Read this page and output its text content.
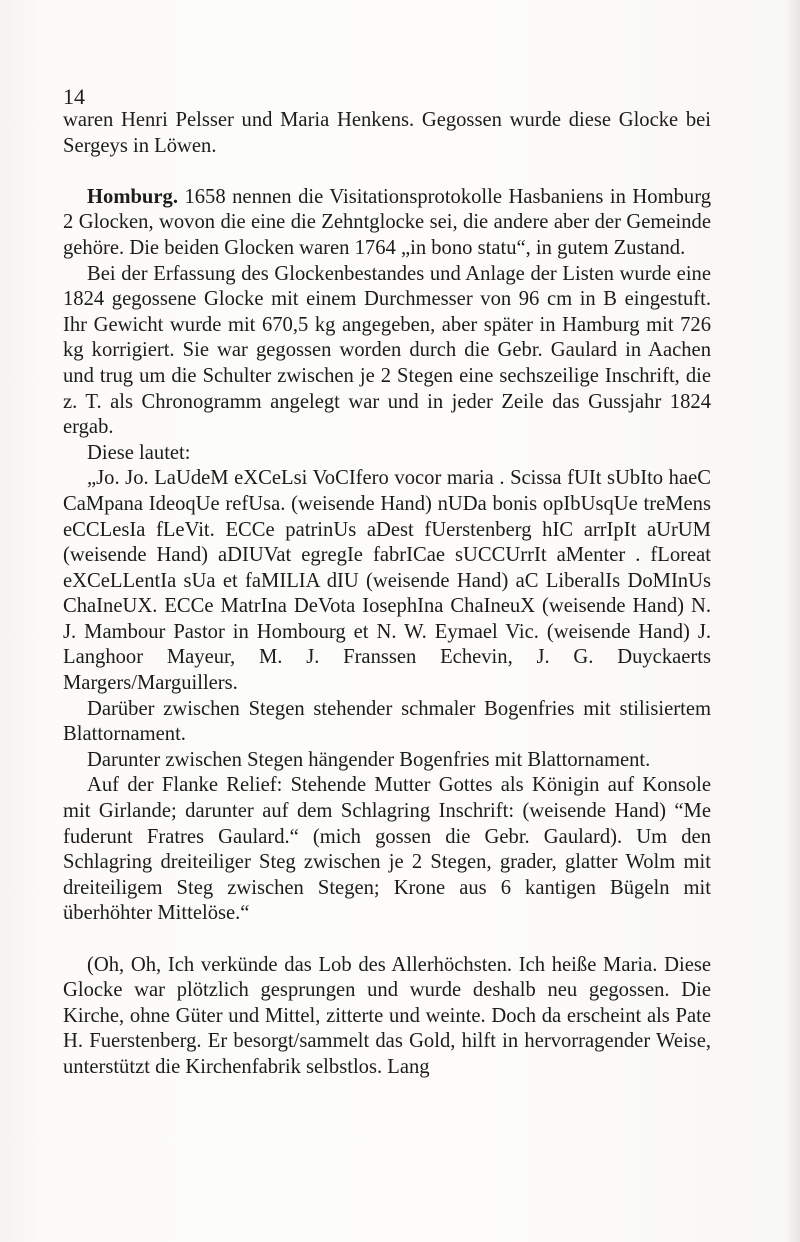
14

waren Henri Pelsser und Maria Henkens. Gegossen wurde diese Glocke bei Sergeys in Löwen.

Homburg. 1658 nennen die Visitationsprotokolle Hasbaniens in Homburg 2 Glocken, wovon die eine die Zehntglocke sei, die andere aber der Gemeinde gehöre. Die beiden Glocken waren 1764 „in bono statu“, in gutem Zustand.

Bei der Erfassung des Glockenbestandes und Anlage der Listen wurde eine 1824 gegossene Glocke mit einem Durchmesser von 96 cm in B eingestuft. Ihr Gewicht wurde mit 670,5 kg angegeben, aber später in Hamburg mit 726 kg korrigiert. Sie war gegossen worden durch die Gebr. Gaulard in Aachen und trug um die Schulter zwischen je 2 Stegen eine sechszeilige Inschrift, die z. T. als Chronogramm angelegt war und in jeder Zeile das Gussjahr 1824 ergab.

Diese lautet:

„Jo. Jo. LaUdeM eXCeLsi VoCIfero vocor maria . Scissa fUIt sUbIto haeC CaMpana IdeoqUe refUsa. (weisende Hand) nUDa bonis opIbUsqUe treMens eCCLesIa fLeVit. ECCe patrinUs aDest fUerstenberg hIC arrIpIt aUrUM (weisende Hand) aDIUVat egregIe fabrICae sUCCUrrIt aMenter . fLoreat eXCeLLentIa sUa et faMILIA dIU (weisende Hand) aC LiberalIs DoMInUs ChaIneUX. ECCe MatrIna DeVota IosephIna ChaIneuX (weisende Hand) N. J. Mambour Pastor in Hombourg et N. W. Eymael Vic. (weisende Hand) J. Langhoor Mayeur, M. J. Franssen Echevin, J. G. Duyckaerts Margers/Marguillers.

Darüber zwischen Stegen stehender schmaler Bogenfries mit stilisiertem Blattornament.

Darunter zwischen Stegen hängender Bogenfries mit Blattornament.

Auf der Flanke Relief: Stehende Mutter Gottes als Königin auf Konsole mit Girlande; darunter auf dem Schlagring Inschrift: (weisende Hand) “Me fuderunt Fratres Gaulard.“ (mich gossen die Gebr. Gaulard). Um den Schlagring dreiteiliger Steg zwischen je 2 Stegen, grader, glatter Wolm mit dreiteiligem Steg zwischen Stegen; Krone aus 6 kantigen Bügeln mit überhöhter Mittelöse.“

(Oh, Oh, Ich verkünde das Lob des Allerhöchsten. Ich heiße Maria. Diese Glocke war plötzlich gesprungen und wurde deshalb neu gegossen. Die Kirche, ohne Güter und Mittel, zitterte und weinte. Doch da erscheint als Pate H. Fuerstenberg. Er besorgt/sammelt das Gold, hilft in hervorragender Weise, unterstützt die Kirchenfabrik selbstlos. Lang
